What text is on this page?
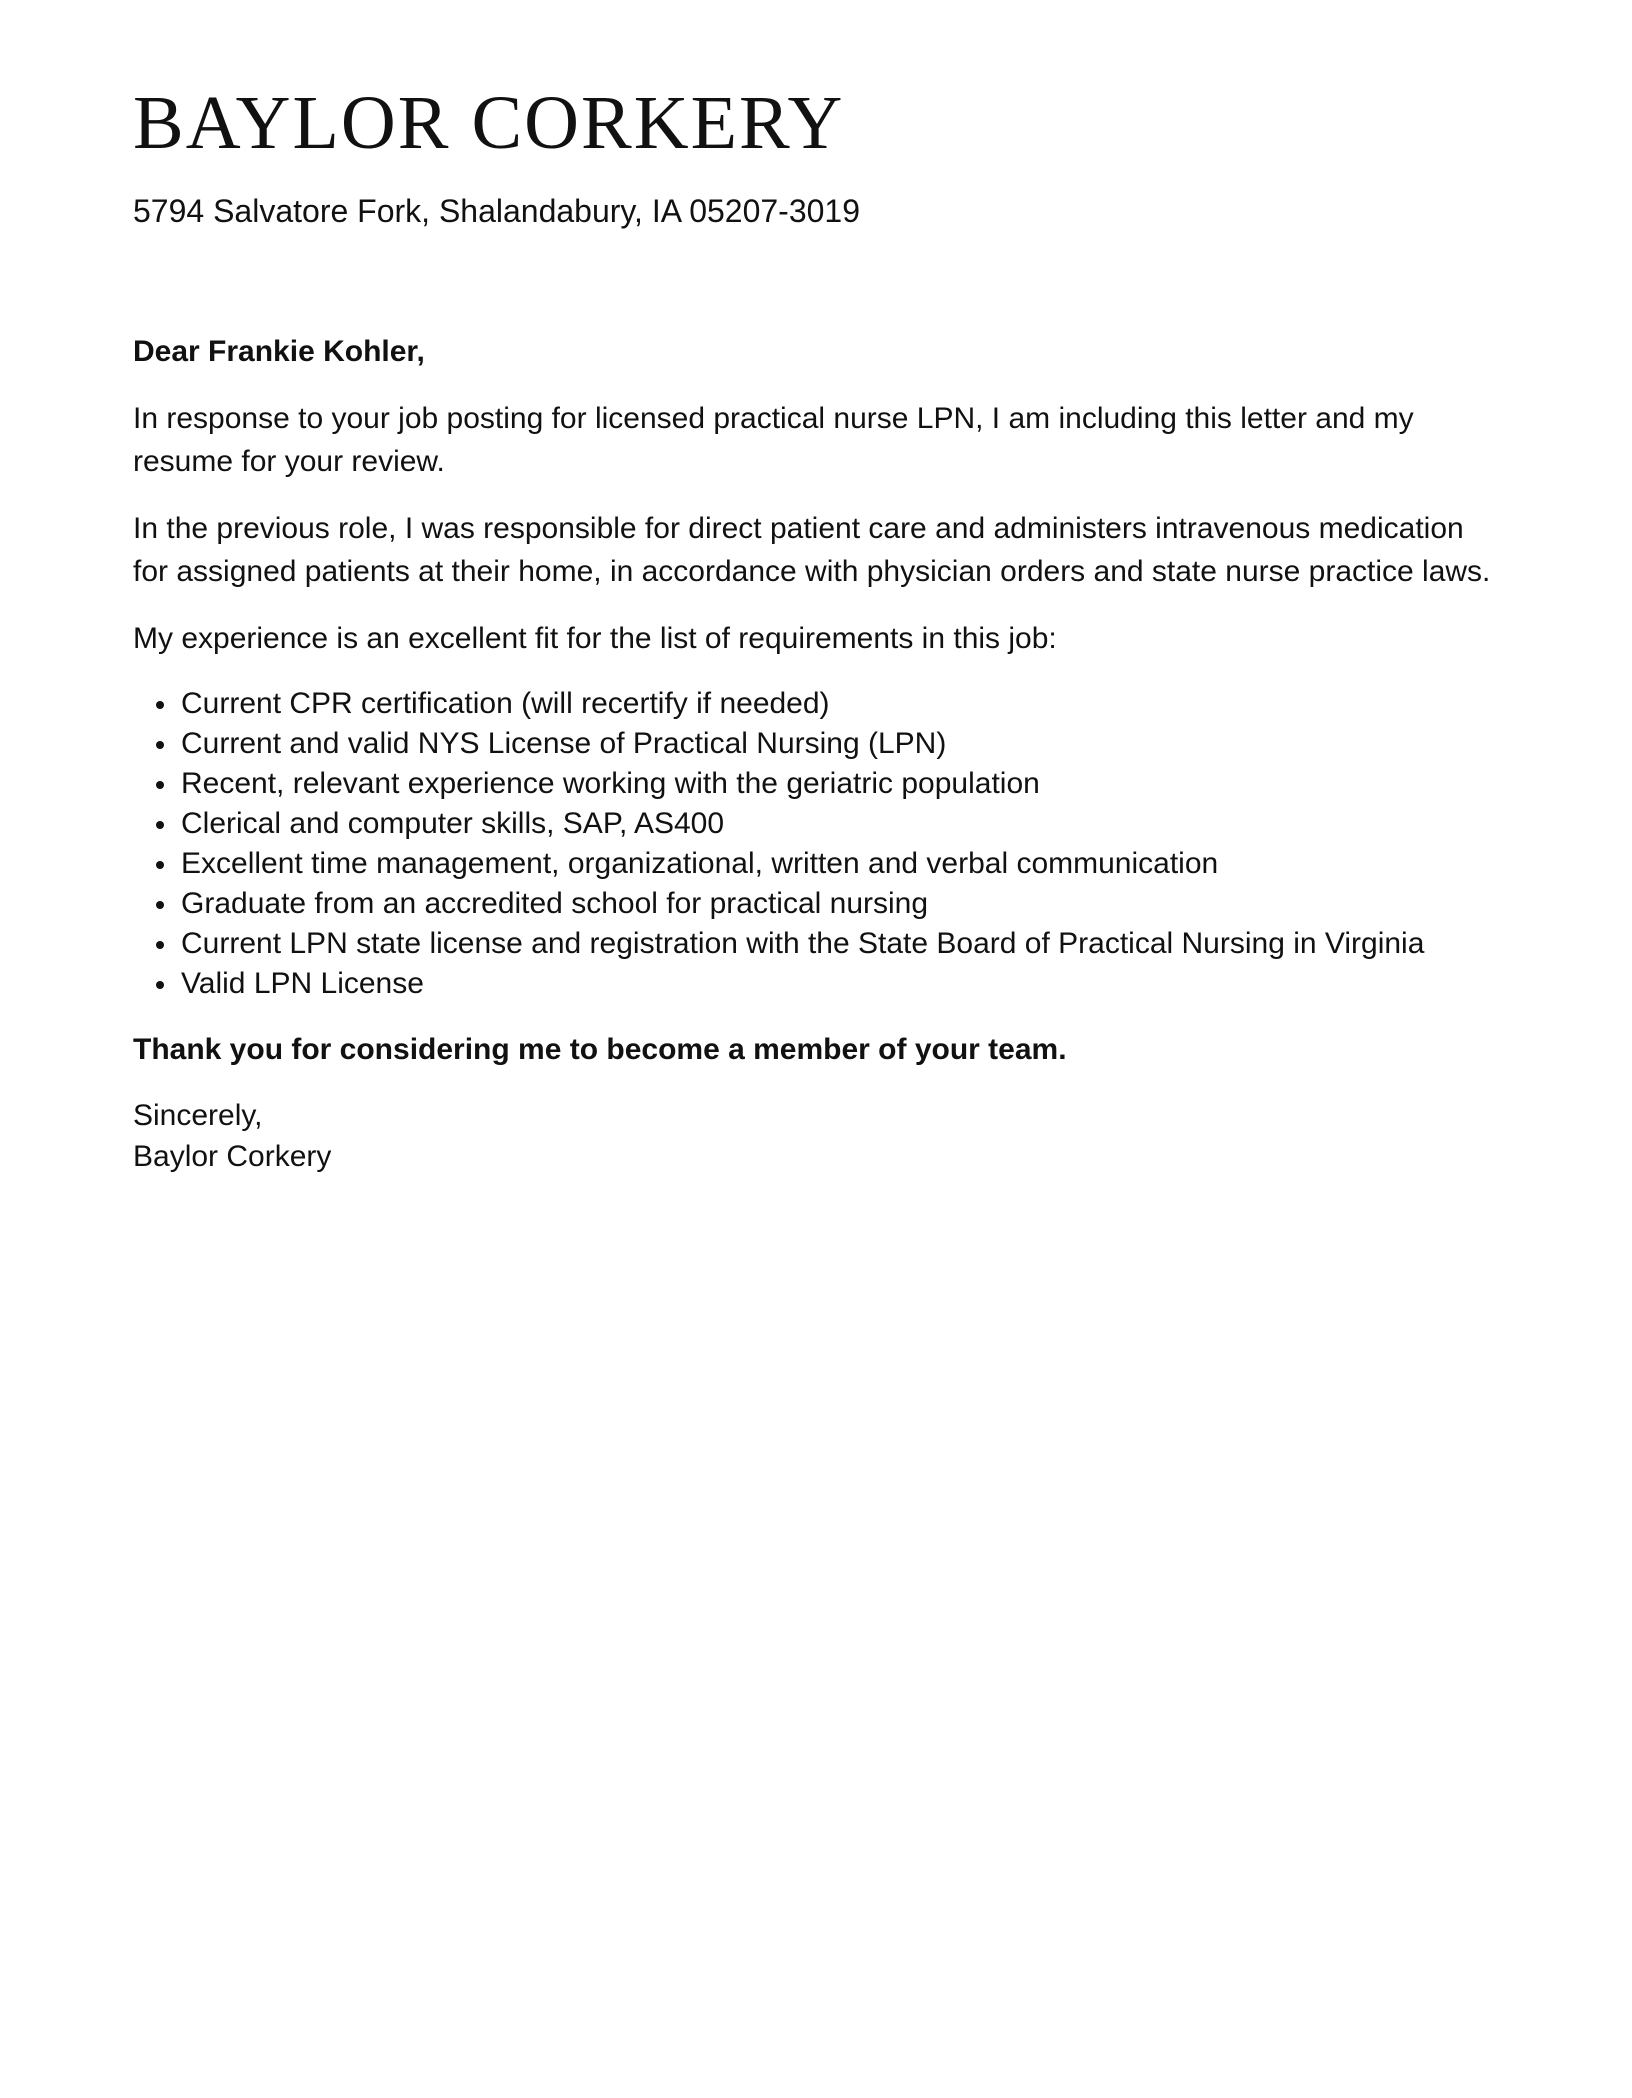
BAYLOR CORKERY
5794 Salvatore Fork, Shalandabury, IA 05207-3019

Dear Frankie Kohler,

In response to your job posting for licensed practical nurse LPN, I am including this letter and my resume for your review.

In the previous role, I was responsible for direct patient care and administers intravenous medication for assigned patients at their home, in accordance with physician orders and state nurse practice laws.

My experience is an excellent fit for the list of requirements in this job:

Current CPR certification (will recertify if needed)
Current and valid NYS License of Practical Nursing (LPN)
Recent, relevant experience working with the geriatric population
Clerical and computer skills, SAP, AS400
Excellent time management, organizational, written and verbal communication
Graduate from an accredited school for practical nursing
Current LPN state license and registration with the State Board of Practical Nursing in Virginia
Valid LPN License

Thank you for considering me to become a member of your team.

Sincerely,
Baylor Corkery
